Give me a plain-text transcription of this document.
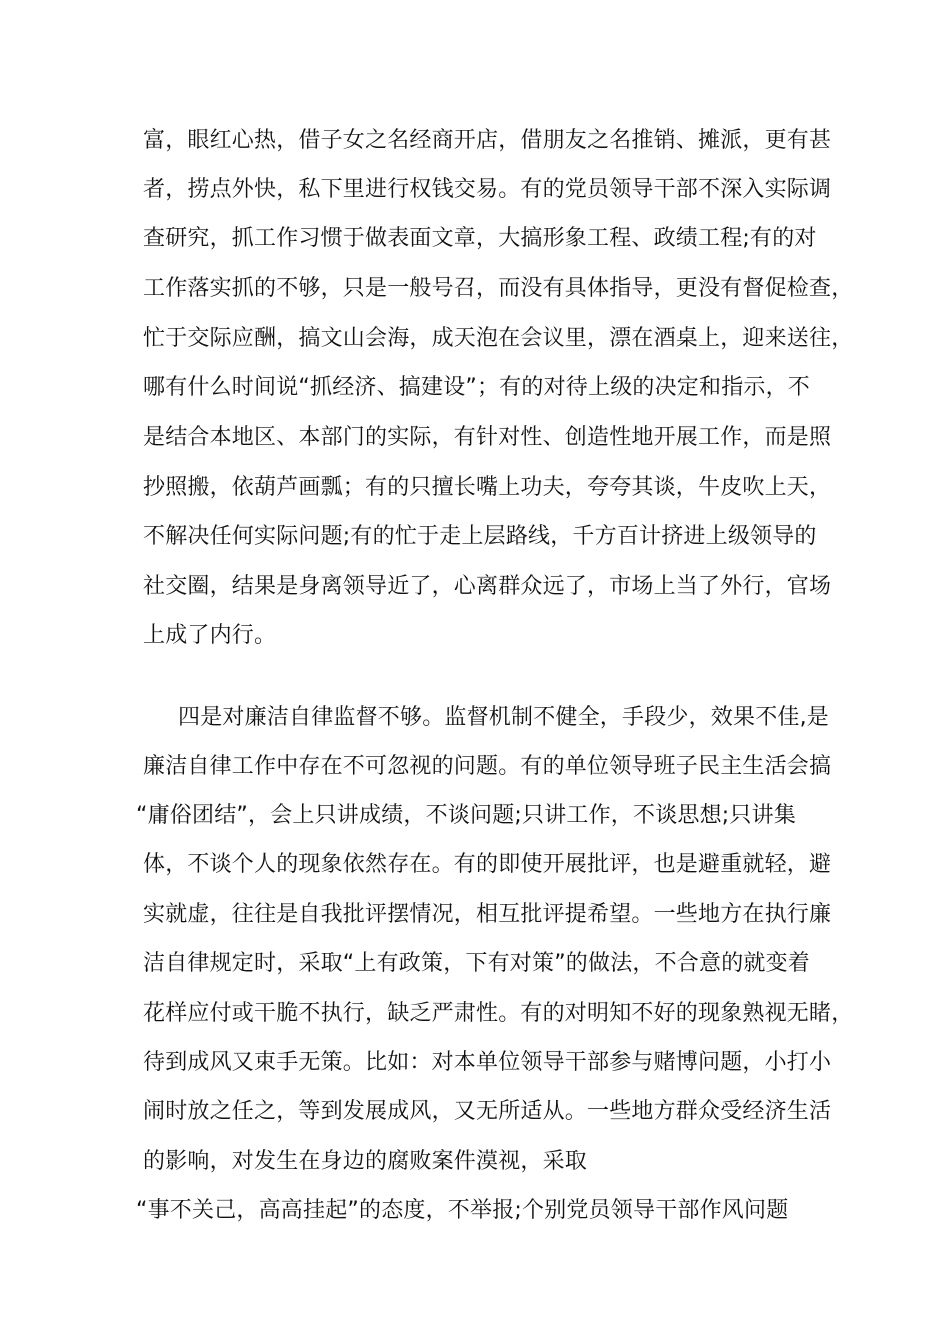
富，眼红心热，借子女之名经商开店，借朋友之名推销、摊派，更有甚
者，捞点外快，私下里进行权钱交易。有的党员领导干部不深入实际调
查研究，抓工作习惯于做表面文章，大搞形象工程、政绩工程;有的对
工作落实抓的不够，只是一般号召，而没有具体指导，更没有督促检查，
忙于交际应酬，搞文山会海，成天泡在会议里，漂在酒桌上，迎来送往，
哪有什么时间说“抓经济、搞建设”；有的对待上级的决定和指示，不
是结合本地区、本部门的实际，有针对性、创造性地开展工作，而是照
抄照搬，依葫芦画瓢；有的只擅长嘴上功夫，夸夸其谈，牛皮吹上天，
不解决任何实际问题;有的忙于走上层路线，千方百计挤进上级领导的
社交圈，结果是身离领导近了，心离群众远了，市场上当了外行，官场
上成了内行。
四是对廉洁自律监督不够。监督机制不健全，手段少，效果不佳,是
廉洁自律工作中存在不可忽视的问题。有的单位领导班子民主生活会搞
“庸俗团结”，会上只讲成绩，不谈问题;只讲工作，不谈思想;只讲集
体，不谈个人的现象依然存在。有的即使开展批评，也是避重就轻，避
实就虚，往往是自我批评摆情况，相互批评提希望。一些地方在执行廉
洁自律规定时，采取“上有政策，下有对策”的做法，不合意的就变着
花样应付或干脆不执行，缺乏严肃性。有的对明知不好的现象熟视无睹，
待到成风又束手无策。比如：对本单位领导干部参与赌博问题，小打小
闹时放之任之，等到发展成风，又无所适从。一些地方群众受经济生活
的影响，对发生在身边的腐败案件漠视，采取
“事不关己，高高挂起”的态度，不举报;个别党员领导干部作风问题
